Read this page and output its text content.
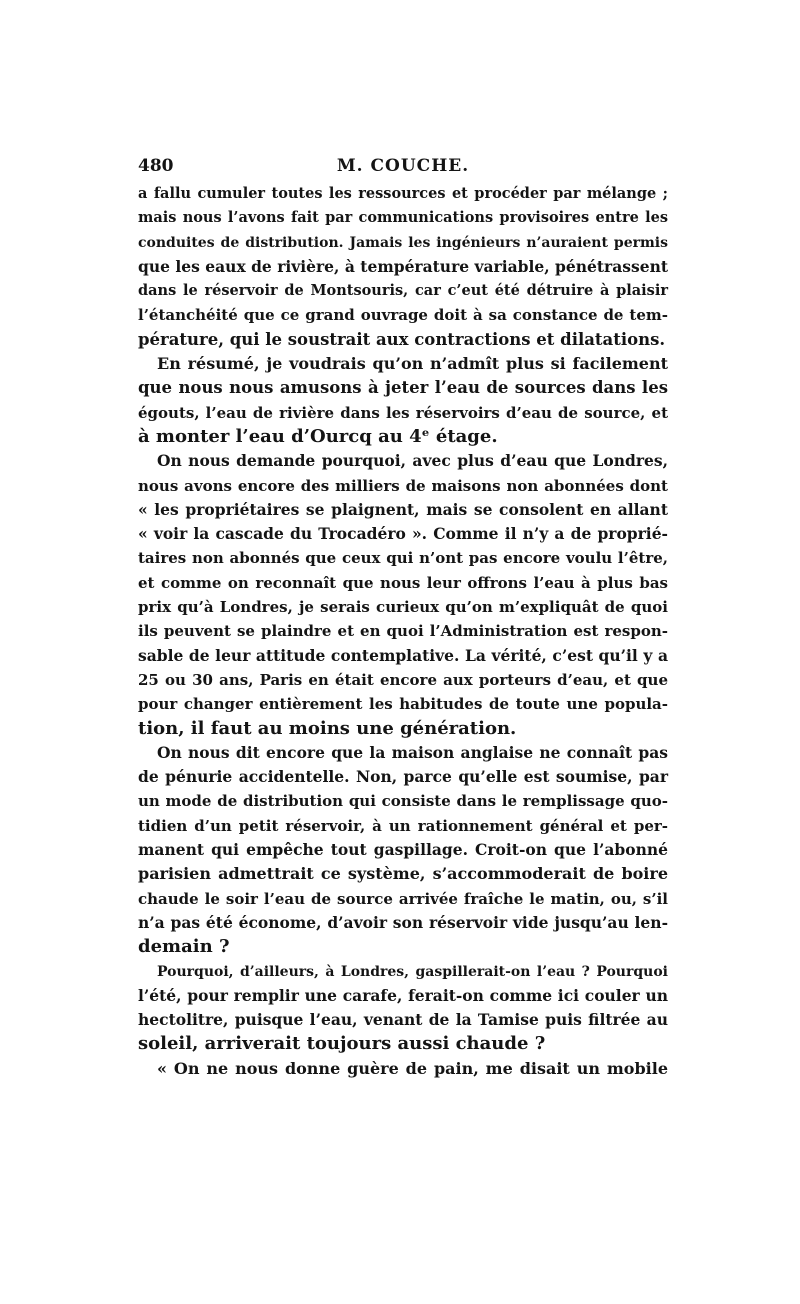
480	M. COUCHE.
a fallu cumuler toutes les ressources et procéder par mélange ;
mais nous l’avons fait par communications provisoires entre les
conduites de distribution. Jamais les ingénieurs n’auraient permis
que les eaux de rivière, à température variable, pénétrassent
dans le réservoir de Montsouris, car c’eut été détruire à plaisir
l’étanchéité que ce grand ouvrage doit à sa constance de tem-
pérature, qui le soustrait aux contractions et dilatations.
En résumé, je voudrais qu’on n’admît plus si facilement
que nous nous amusons à jeter l’eau de sources dans les
égouts, l’eau de rivière dans les réservoirs d’eau de source, et
à monter l’eau d’Ourcq au 4ᵉ étage.
On nous demande pourquoi, avec plus d’eau que Londres,
nous avons encore des milliers de maisons non abonnées dont
« les propriétaires se plaignent, mais se consolent en allant
« voir la cascade du Trocadéro ». Comme il n’y a de proprié-
taires non abonnés que ceux qui n’ont pas encore voulu l’être,
et comme on reconnaît que nous leur offrons l’eau à plus bas
prix qu’à Londres, je serais curieux qu’on m’expliquât de quoi
ils peuvent se plaindre et en quoi l’Administration est respon-
sable de leur attitude contemplative. La vérité, c’est qu’il y a
25 ou 30 ans, Paris en était encore aux porteurs d’eau, et que
pour changer entièrement les habitudes de toute une popula-
tion, il faut au moins une génération.
On nous dit encore que la maison anglaise ne connaît pas
de pénurie accidentelle. Non, parce qu’elle est soumise, par
un mode de distribution qui consiste dans le remplissage quo-
tidien d’un petit réservoir, à un rationnement général et per-
manent qui empêche tout gaspillage. Croit-on que l’abonné
parisien admettrait ce système, s’accommoderait de boire
chaude le soir l’eau de source arrivée fraîche le matin, ou, s’il
n’a pas été économe, d’avoir son réservoir vide jusqu’au len-
demain ?
Pourquoi, d’ailleurs, à Londres, gaspillerait-on l’eau ? Pourquoi
l’été, pour remplir une carafe, ferait-on comme ici couler un
hectolitre, puisque l’eau, venant de la Tamise puis filtrée au
soleil, arriverait toujours aussi chaude ?
« On ne nous donne guère de pain, me disait un mobile
